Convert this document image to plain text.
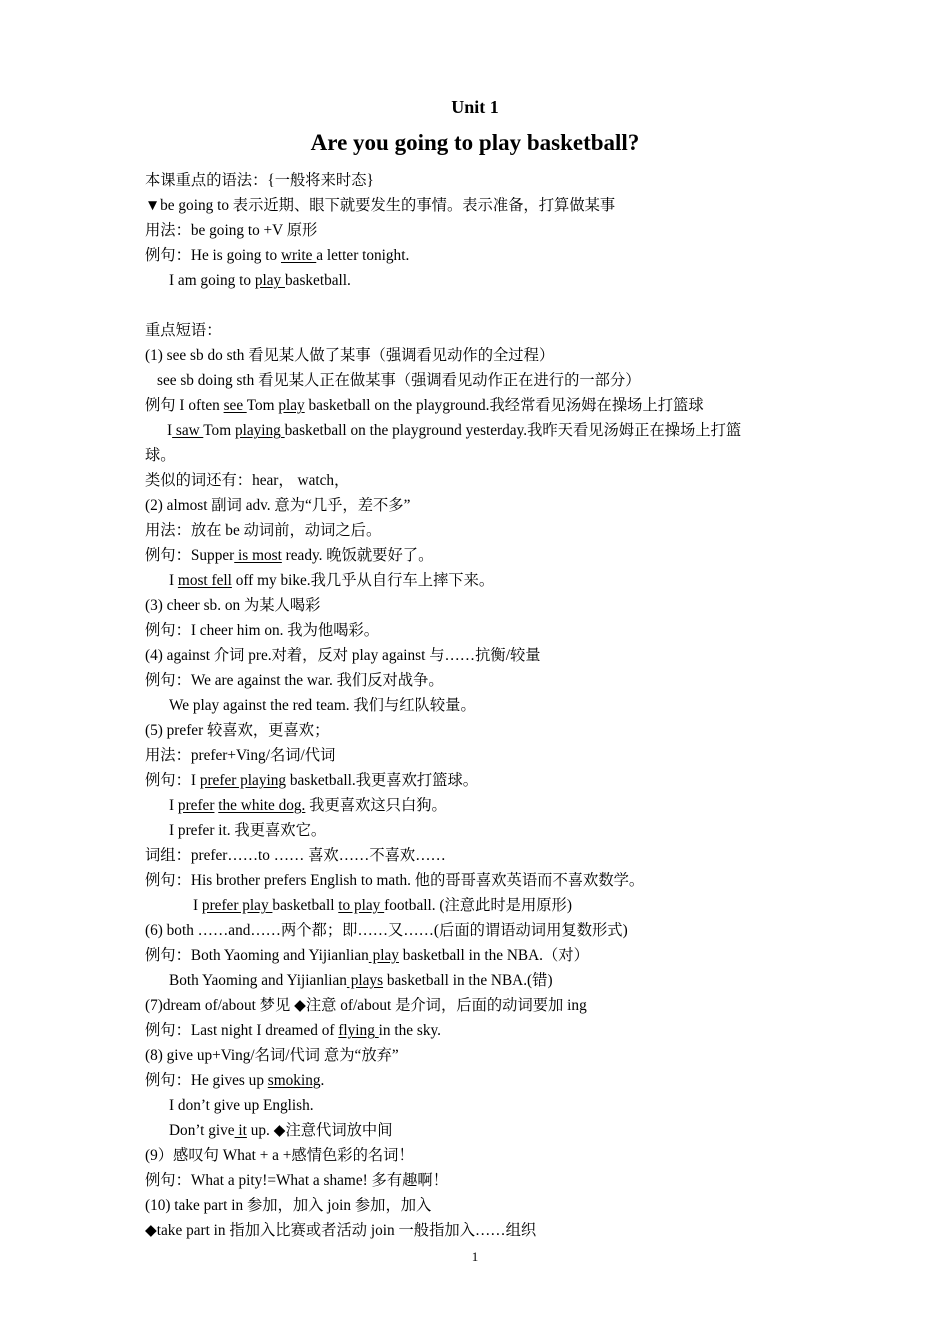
Unit 1
Are you going to play basketball?
本课重点的语法：{一般将来时态}
▼be going to 表示近期、眼下就要发生的事情。表示准备，打算做某事
用法：be going to +V 原形
例句：He is going to write a letter tonight.
I am going to play basketball.
重点短语：
(1) see sb do sth 看见某人做了某事（强调看见动作的全过程）
see sb doing sth 看见某人正在做某事（强调看见动作正在进行的一部分）
例句 I often see Tom play basketball on the playground.我经常看见汤姆在操场上打篮球
I saw Tom playing basketball on the playground yesterday.我昨天看见汤姆正在操场上打篮
球。
类似的词还有：hear， watch，
(2) almost 副词 adv. 意为“几乎，差不多”
用法：放在 be 动词前，动词之后。
例句：Supper is most ready. 晚饭就要好了。
I most fell off my bike.我几乎从自行车上摔下来。
(3) cheer sb. on 为某人喝彩
例句：I cheer him on. 我为他喝彩。
(4) against 介词 pre.对着，反对 play against 与……抗衡/较量
例句：We are against the war. 我们反对战争。
We play against the red team. 我们与红队较量。
(5) prefer 较喜欢，更喜欢；
用法：prefer+Ving/名词/代词
例句：I prefer playing basketball.我更喜欢打篮球。
I prefer the white dog. 我更喜欢这只白狗。
I prefer it. 我更喜欢它。
词组：prefer……to …… 喜欢……不喜欢……
例句：His brother prefers English to math. 他的哥哥喜欢英语而不喜欢数学。
I prefer play basketball to play football. (注意此时是用原形)
(6) both ……and……两个都；即……又……(后面的谓语动词用复数形式)
例句：Both Yaoming and Yijianlian play basketball in the NBA.（对）
Both Yaoming and Yijianlian plays basketball in the NBA.(错)
(7)dream of/about 梦见 ◆注意 of/about 是介词，后面的动词要加 ing
例句：Last night I dreamed of flying in the sky.
(8) give up+Ving/名词/代词 意为“放弃”
例句：He gives up smoking.
I don’t give up English.
Don’t give it up. ◆注意代词放中间
(9）感叹句 What + a +感情色彩的名词！
例句：What a pity!=What a shame! 多有趣啊！
(10) take part in 参加，加入 join 参加，加入
◆take part in 指加入比赛或者活动 join 一般指加入……组织
1
